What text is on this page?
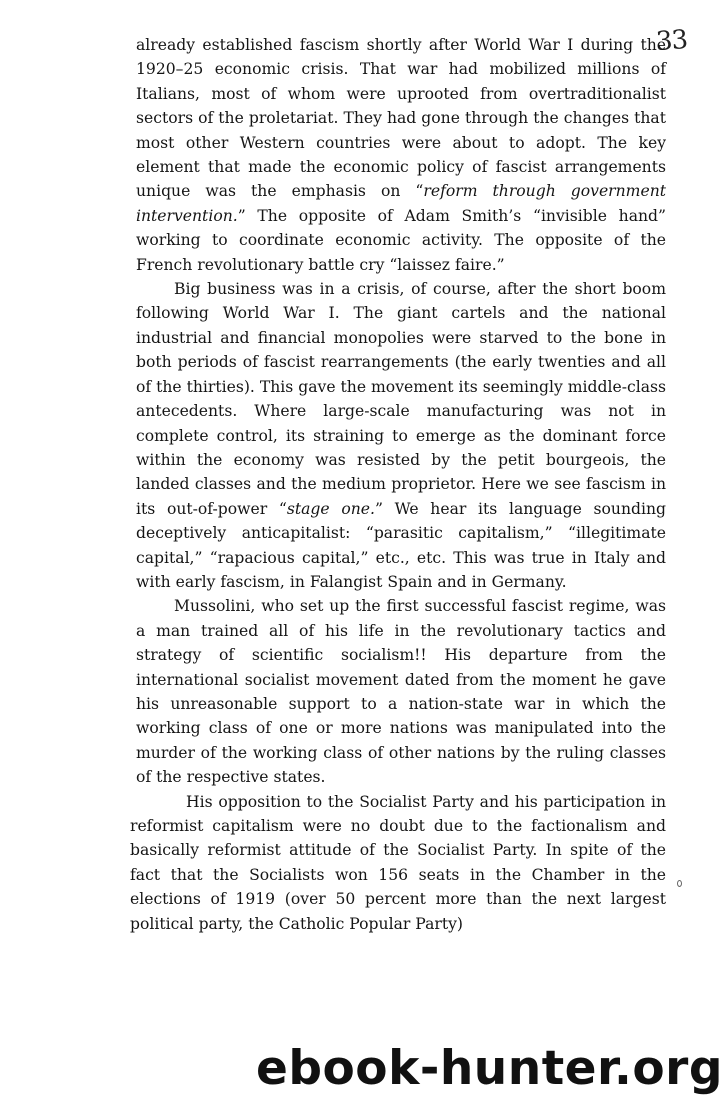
33

already established fascism shortly after World War I during the 1920–25 economic crisis. That war had mobilized millions of Italians, most of whom were uprooted from overtraditionalist sectors of the proletariat. They had gone through the changes that most other Western countries were about to adopt. The key element that made the economic policy of fascist arrangements unique was the emphasis on “reform through government intervention.” The opposite of Adam Smith’s “invisible hand” working to coordinate economic activity. The opposite of the French revolutionary battle cry “laissez faire.”

Big business was in a crisis, of course, after the short boom following World War I. The giant cartels and the national industrial and financial monopolies were starved to the bone in both periods of fascist rearrangements (the early twenties and all of the thirties). This gave the movement its seemingly middle-class antecedents. Where large-scale manufacturing was not in complete control, its straining to emerge as the dominant force within the economy was resisted by the petit bourgeois, the landed classes and the medium proprietor. Here we see fascism in its out-of-power “stage one.” We hear its language sounding deceptively anticapitalist: “parasitic capitalism,” “illegitimate capital,” “rapacious capital,” etc., etc. This was true in Italy and with early fascism, in Falangist Spain and in Germany.

Mussolini, who set up the first successful fascist regime, was a man trained all of his life in the revolutionary tactics and strategy of scientific socialism!! His departure from the international socialist movement dated from the moment he gave his unreasonable support to a nation-state war in which the working class of one or more nations was manipulated into the murder of the working class of other nations by the ruling classes of the respective states.

His opposition to the Socialist Party and his participation in reformist capitalism were no doubt due to the factionalism and basically reformist attitude of the Socialist Party. In spite of the fact that the Socialists won 156 seats in the Chamber in the elections of 1919 (over 50 percent more than the next largest political party, the Catholic Popular Party)

ebook-hunter.org
